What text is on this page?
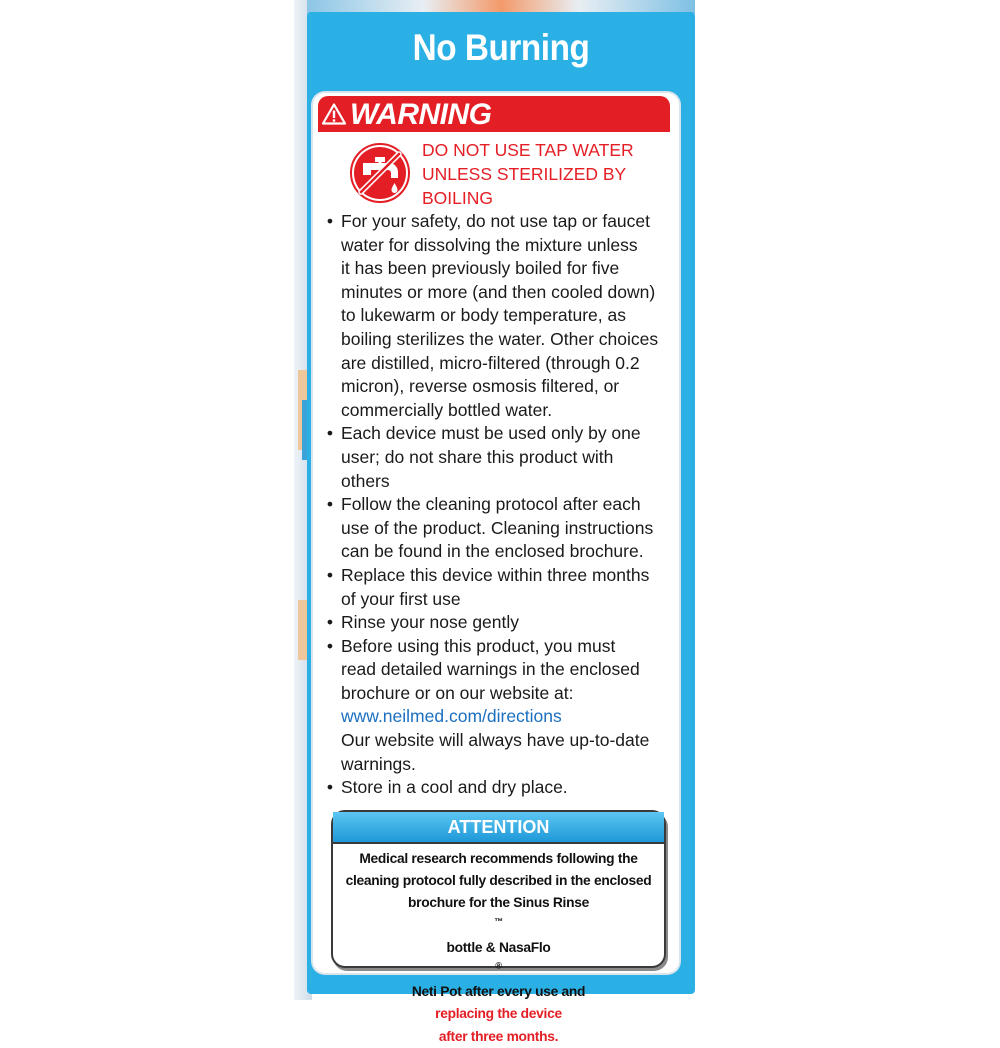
No Burning
WARNING
DO NOT USE TAP WATER
UNLESS STERILIZED BY
BOILING
• For your safety, do not use tap or faucet
water for dissolving the mixture unless
it has been previously boiled for five
minutes or more (and then cooled down)
to lukewarm or body temperature, as
boiling sterilizes the water. Other choices
are distilled, micro-filtered (through 0.2
micron), reverse osmosis filtered, or
commercially bottled water.
• Each device must be used only by one
user; do not share this product with
others
• Follow the cleaning protocol after each
use of the product. Cleaning instructions
can be found in the enclosed brochure.
• Replace this device within three months
of your first use
• Rinse your nose gently
• Before using this product, you must
read detailed warnings in the enclosed
brochure or on our website at:
www.neilmed.com/directions
Our website will always have up-to-date
warnings.
• Store in a cool and dry place.
ATTENTION
Medical research recommends following the
cleaning protocol fully described in the enclosed
brochure for the Sinus Rinse
™
bottle & NasaFlo
®
Neti Pot after every use and
replacing the device
after three months.
